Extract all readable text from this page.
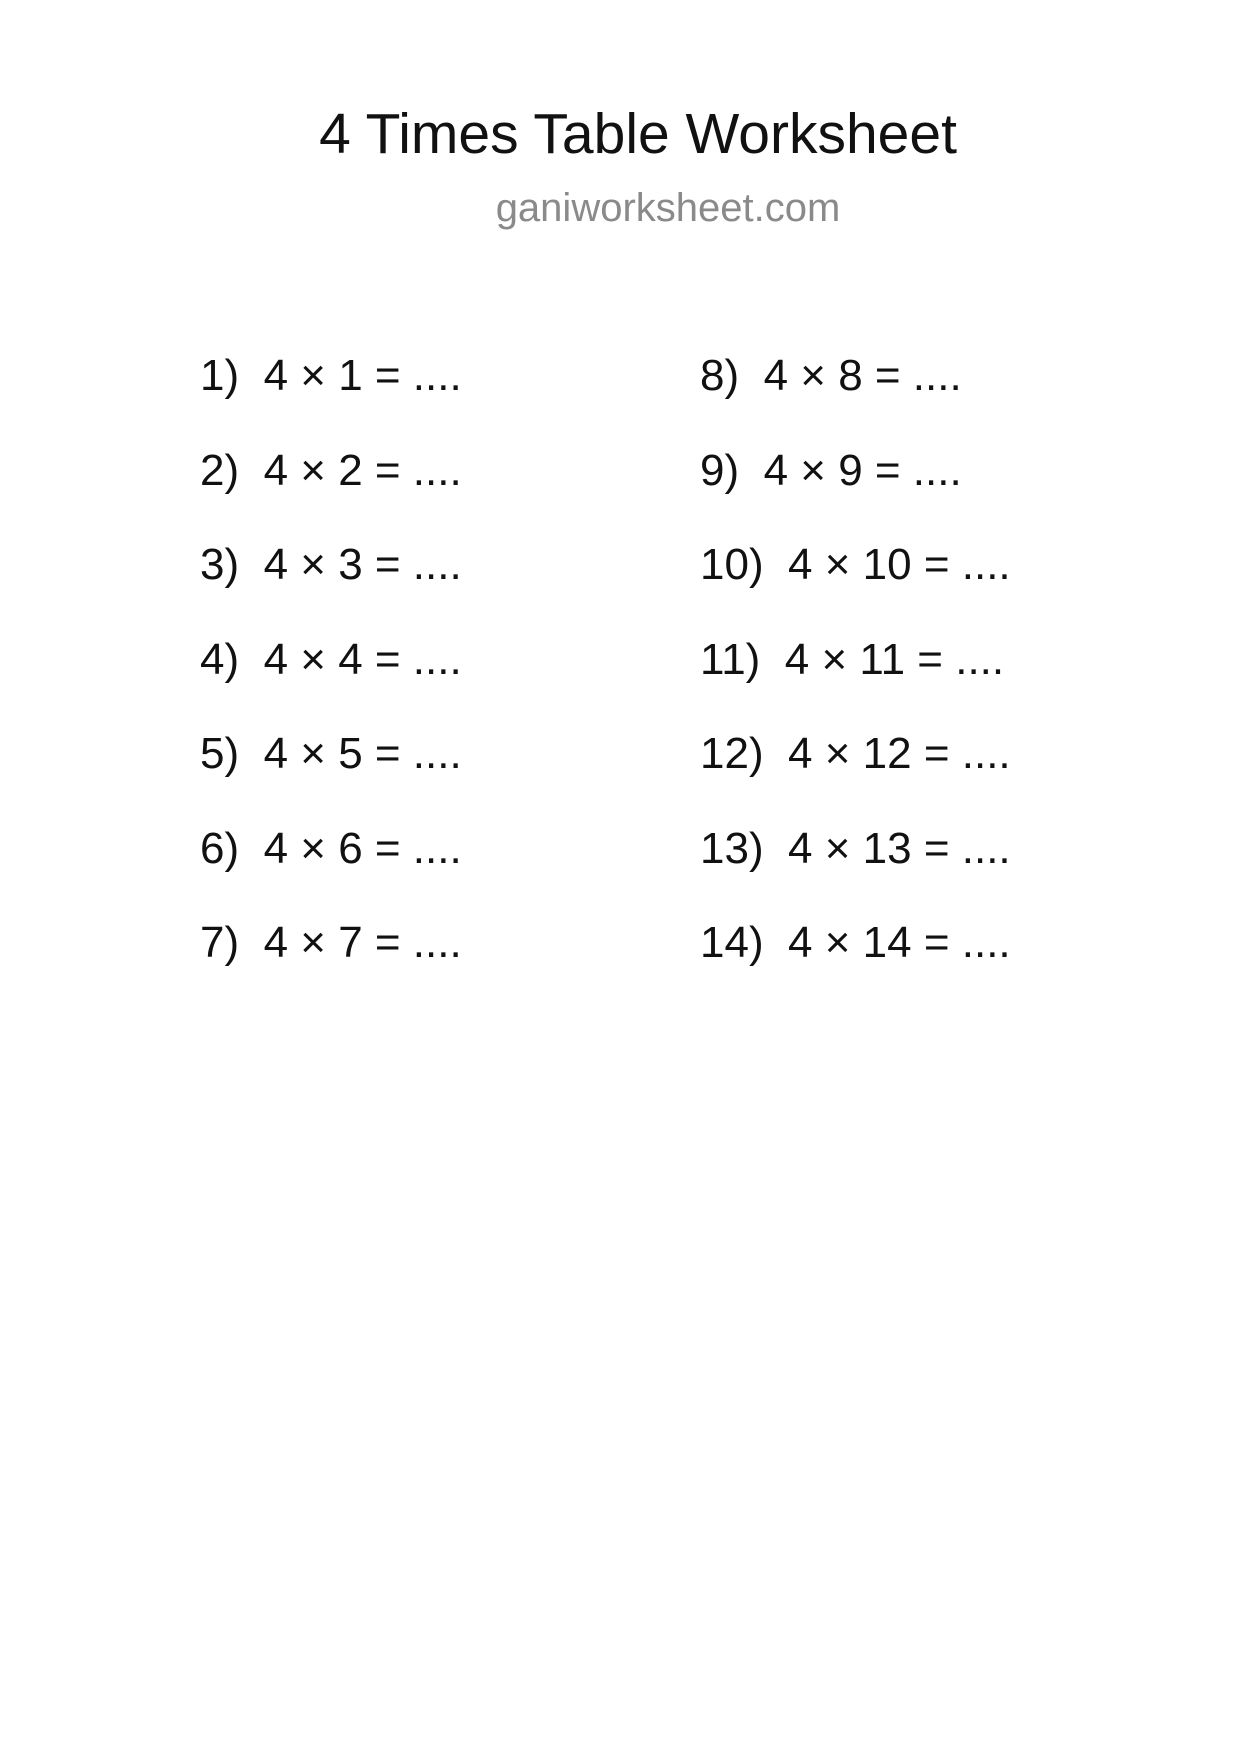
4 Times Table Worksheet
ganiworksheet.com
1)  4 × 1 = ....
2)  4 × 2 = ....
3)  4 × 3 = ....
4)  4 × 4 = ....
5)  4 × 5 = ....
6)  4 × 6 = ....
7)  4 × 7 = ....
8)  4 × 8 = ....
9)  4 × 9 = ....
10)  4 × 10 = ....
11)  4 × 11 = ....
12)  4 × 12 = ....
13)  4 × 13 = ....
14)  4 × 14 = ....
